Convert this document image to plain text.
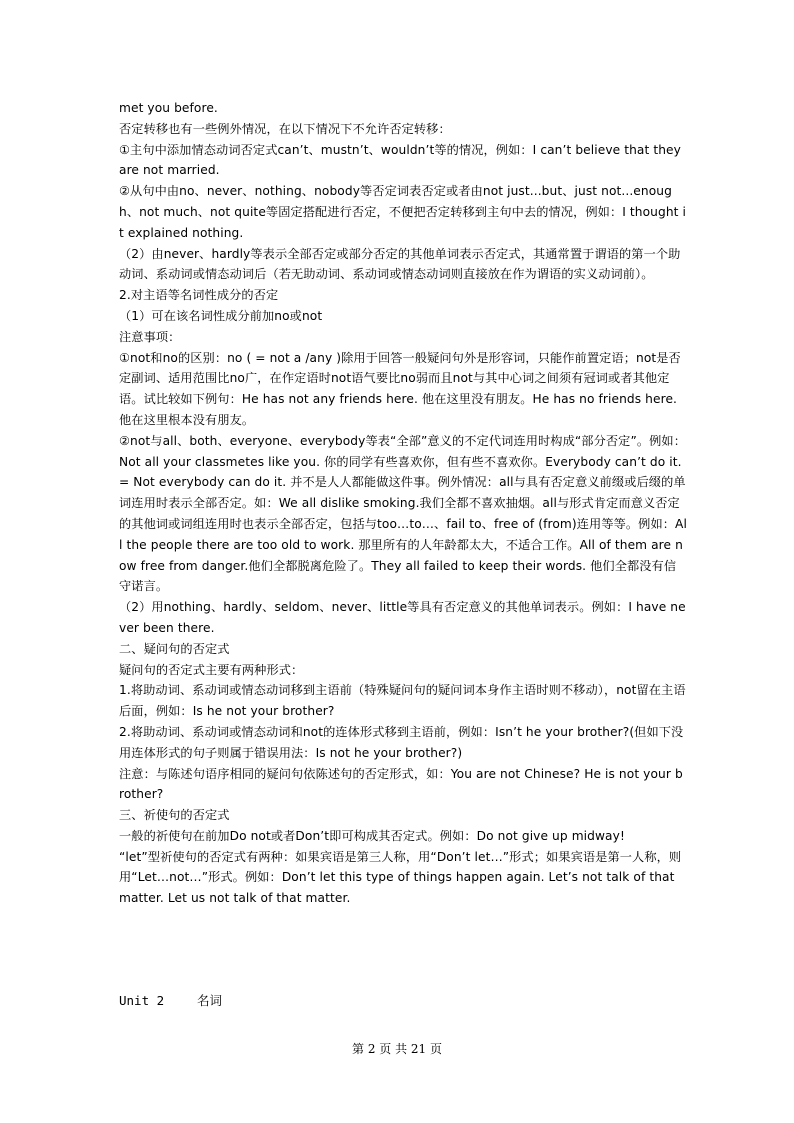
met you before.

否定转移也有一些例外情况，在以下情况下不允许否定转移：

①主句中添加情态动词否定式can’t、mustn’t、wouldn’t等的情况，例如：I can’t believe that they are not married.

②从句中由no、never、nothing、nobody等否定词表否定或者由not just...but、just not...enough、not much、not quite等固定搭配进行否定，不便把否定转移到主句中去的情况，例如：I thought it explained nothing.

（2）由never、hardly等表示全部否定或部分否定的其他单词表示否定式，其通常置于谓语的第一个助动词、系动词或情态动词后（若无助动词、系动词或情态动词则直接放在作为谓语的实义动词前）。

2.对主语等名词性成分的否定

（1）可在该名词性成分前加no或not

注意事项：

①not和no的区别：no ( = not a /any )除用于回答一般疑问句外是形容词，只能作前置定语；not是否定副词、适用范围比no广，在作定语时not语气要比no弱而且not与其中心词之间须有冠词或者其他定语。试比较如下例句：He has not any friends here. 他在这里没有朋友。He has no friends here. 他在这里根本没有朋友。

②not与all、both、everyone、everybody等表“全部”意义的不定代词连用时构成“部分否定”。例如：Not all your classmetes like you. 你的同学有些喜欢你，但有些不喜欢你。Everybody can’t do it. = Not everybody can do it. 并不是人人都能做这件事。例外情况：all与具有否定意义前缀或后缀的单词连用时表示全部否定。如：We all dislike smoking.我们全都不喜欢抽烟。all与形式肯定而意义否定的其他词或词组连用时也表示全部否定，包括与too…to…、fail to、free of (from)连用等等。例如：All the people there are too old to work. 那里所有的人年龄都太大，不适合工作。All of them are now free from danger.他们全都脱离危险了。They all failed to keep their words. 他们全都没有信守诺言。

（2）用nothing、hardly、seldom、never、little等具有否定意义的其他单词表示。例如：I have never been there.

二、疑问句的否定式

疑问句的否定式主要有两种形式：

1.将助动词、系动词或情态动词移到主语前（特殊疑问句的疑问词本身作主语时则不移动），not留在主语后面，例如：Is he not your brother?

2.将助动词、系动词或情态动词和not的连体形式移到主语前，例如：Isn’t he your brother?(但如下没用连体形式的句子则属于错误用法：Is not he your brother?)

注意：与陈述句语序相同的疑问句依陈述句的否定形式，如：You are not Chinese? He is not your brother?

三、祈使句的否定式

一般的祈使句在前加Do not或者Don’t即可构成其否定式。例如：Do not give up midway!

“let”型祈使句的否定式有两种：如果宾语是第三人称，用“Don’t let…”形式；如果宾语是第一人称，则用“Let…not…”形式。例如：Don’t let this type of things happen again. Let’s not talk of that matter. Let us not talk of that matter.

Unit 2	名词
第 2 页 共 21 页
